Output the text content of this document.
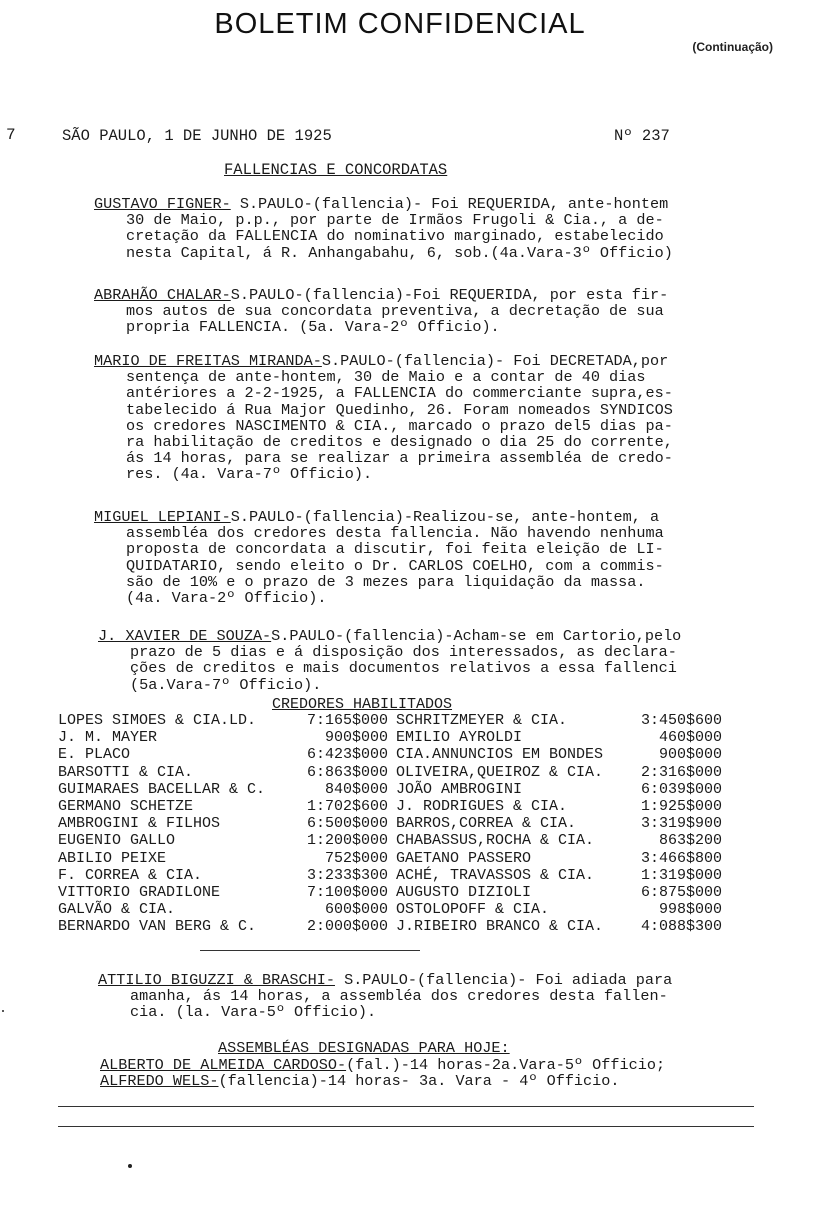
BOLETIM CONFIDENCIAL
(Continuação)
7	SÃO PAULO, 1 DE JUNHO DE 1925	Nº 237
FALLENCIAS E CONCORDATAS
GUSTAVO FIGNER- S.PAULO-(fallencia)- Foi REQUERIDA, ante-hontem
30 de Maio, p.p., por parte de Irmãos Frugoli & Cia., a de-
cretação da FALLENCIA do nominativo marginado, estabelecido
nesta Capital, á R. Anhangabahu, 6, sob.(4a.Vara-3º Officio)
ABRAHÃO CHALAR-S.PAULO-(fallencia)-Foi REQUERIDA, por esta fir-
mos autos de sua concordata preventiva, a decretação de sua
propria FALLENCIA. (5a. Vara-2º Officio).
MARIO DE FREITAS MIRANDA-S.PAULO-(fallencia)- Foi DECRETADA,por
sentença de ante-hontem, 30 de Maio e a contar de 40 dias
antériores a 2-2-1925, a FALLENCIA do commerciante supra,es-
tabelecido á Rua Major Quedinho, 26. Foram nomeados SYNDICOS
os credores NASCIMENTO & CIA., marcado o prazo del5 dias pa-
ra habilitação de creditos e designado o dia 25 do corrente,
ás 14 horas, para se realizar a primeira assembléa de credo-
res. (4a. Vara-7º Officio).
MIGUEL LEPIANI-S.PAULO-(fallencia)-Realizou-se, ante-hontem, a
assembléa dos credores desta fallencia. Não havendo nenhuma
proposta de concordata a discutir, foi feita eleição de LI-
QUIDATARIO, sendo eleito o Dr. CARLOS COELHO, com a commis-
são de 10% e o prazo de 3 mezes para liquidação da massa.
(4a. Vara-2º Officio).
J. XAVIER DE SOUZA-S.PAULO-(fallencia)-Acham-se em Cartorio,pelo
prazo de 5 dias e á disposição dos interessados, as declara-
ções de creditos e mais documentos relativos a essa fallenci
(5a.Vara-7º Officio).
CREDORES HABILITADOS
LOPES SIMOES & CIA.LD.	7:165$000	SCHRITZMEYER & CIA.	3:450$600
J. M. MAYER	900$000	EMILIO AYROLDI	460$000
E. PLACO	6:423$000	CIA.ANNUNCIOS EM BONDES	900$000
BARSOTTI & CIA.	6:863$000	OLIVEIRA,QUEIROZ & CIA.	2:316$000
GUIMARAES BACELLAR & C.	840$000	JOÃO AMBROGINI	6:039$000
GERMANO SCHETZE	1:702$600	J. RODRIGUES & CIA.	1:925$000
AMBROGINI & FILHOS	6:500$000	BARROS,CORREA & CIA.	3:319$900
EUGENIO GALLO	1:200$000	CHABASSUS,ROCHA & CIA.	863$200
ABILIO PEIXE	752$000	GAETANO PASSERO	3:466$800
F. CORREA & CIA.	3:233$300	ACHÉ, TRAVASSOS & CIA.	1:319$000
VITTORIO GRADILONE	7:100$000	AUGUSTO DIZIOLI	6:875$000
GALVÃO & CIA.	600$000	OSTOLOPOFF & CIA.	998$000
BERNARDO VAN BERG & C.	2:000$000	J.RIBEIRO BRANCO & CIA.	4:088$300
ATTILIO BIGUZZI & BRASCHI- S.PAULO-(fallencia)- Foi adiada para
amanha, ás 14 horas, a assembléa dos credores desta fallen-
cia. (la. Vara-5º Officio).
ASSEMBLÉAS DESIGNADAS PARA HOJE:
ALBERTO DE ALMEIDA CARDOSO-(fal.)-14 horas-2a.Vara-5º Officio;
ALFREDO WELS-(fallencia)-14 horas- 3a. Vara - 4º Officio.
